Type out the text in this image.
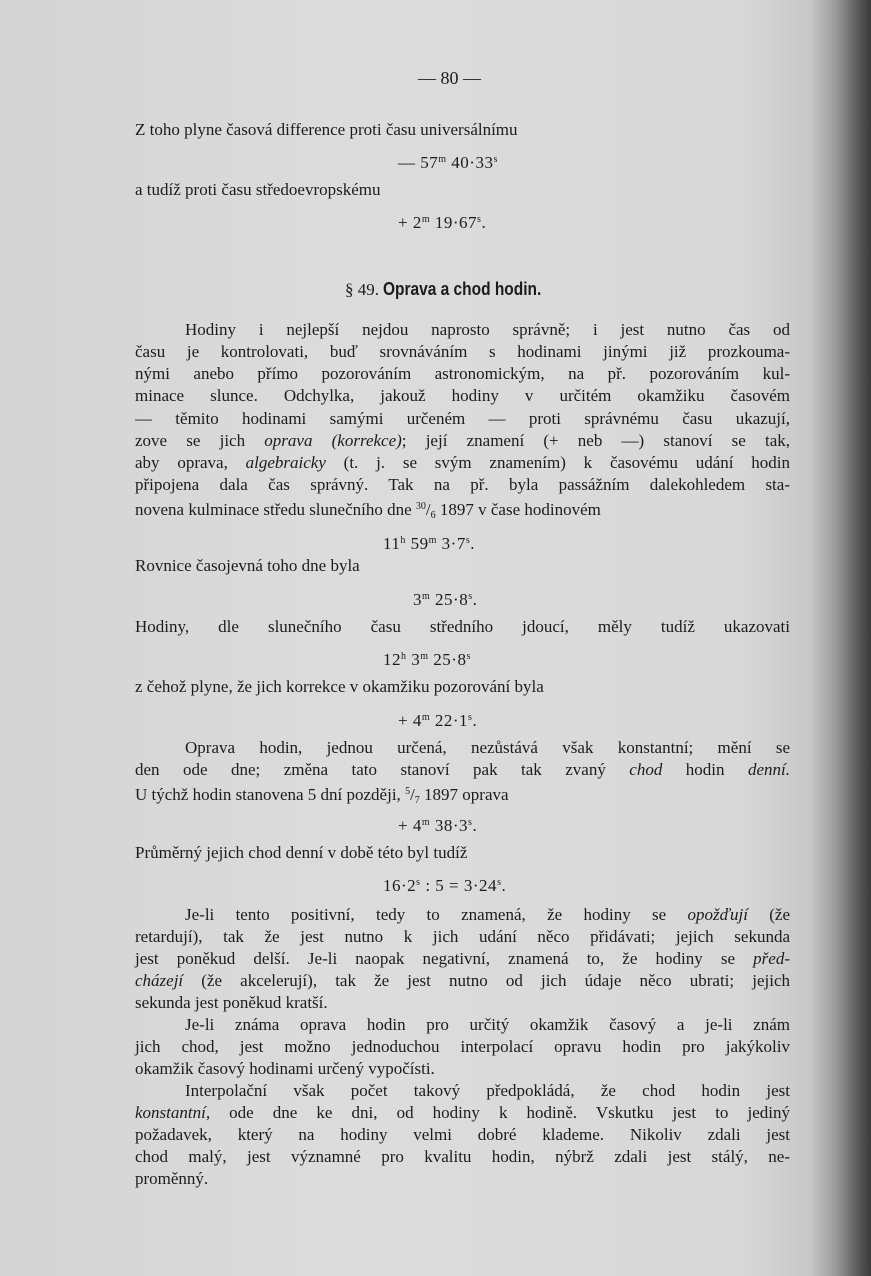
— 80 —
Z toho plyne časová difference proti času universálnímu
— 57$^m$ $40\cdot 33^s$
a tudíž proti času středoevropskému
+ $2^m$ $19\cdot 67^s$.
§ 49. Oprava a chod hodin.
Hodiny i nejlepší nejdou naprosto správně; i jest nutno čas od
času je kontrolovati, buď srovnáváním s hodinami jinými již prozkouma-
nými anebo přímo pozorováním astronomickým, na př. pozorováním kul-
minace slunce. Odchylka, jakouž hodiny v určitém okamžiku časovém
— těmito hodinami samými určeném — proti správnému času ukazují,
zove se jich oprava (korrekce); její znamení (+ neb —) stanoví se tak,
aby oprava, algebraicky (t. j. se svým znamením) k časovému udání hodin
připojena dala čas správný. Tak na př. byla passážním dalekohledem sta-
novena kulminace středu slunečního dne $^{30}/_6$ 1897 v čase hodinovém
11$^h$ 59$^m$ $3\cdot 7^s$.
Rovnice časojevná toho dne byla
3$^m$ $25\cdot 8^s$.
Hodiny, dle slunečního času středního jdoucí, měly tudíž ukazovati
12$^h$ 3$^m$ $25\cdot 8^s$
z čehož plyne, že jich korrekce v okamžiku pozorování byla
+ $4^m$ $22\cdot 1^s$.
Oprava hodin, jednou určená, nezůstává však konstantní; mění se
den ode dne; změna tato stanoví pak tak zvaný chod hodin denní.
U týchž hodin stanovena 5 dní později, $^5/_7$ 1897 oprava
+ $4^m$ $38\cdot 3^s$.
Průměrný jejich chod denní v době této byl tudíž
$16\cdot 2^s$ : $5 = 3\cdot 24^s$.
Je-li tento positivní, tedy to znamená, že hodiny se opožďují (že
retardují), tak že jest nutno k jich udání něco přidávati; jejich sekunda
jest poněkud delší. Je-li naopak negativní, znamená to, že hodiny se před-
cházejí (že akcelerují), tak že jest nutno od jich údaje něco ubrati; jejich
sekunda jest poněkud kratší.
Je-li známa oprava hodin pro určitý okamžik časový a je-li znám
jich chod, jest možno jednoduchou interpolací opravu hodin pro jakýkoliv
okamžik časový hodinami určený vypočísti.
Interpolační však počet takový předpokládá, že chod hodin jest
konstantní, ode dne ke dni, od hodiny k hodině. Vskutku jest to jediný
požadavek, který na hodiny velmi dobré klademe. Nikoliv zdali jest
chod malý, jest významné pro kvalitu hodin, nýbrž zdali jest stálý, ne-
proměnný.
